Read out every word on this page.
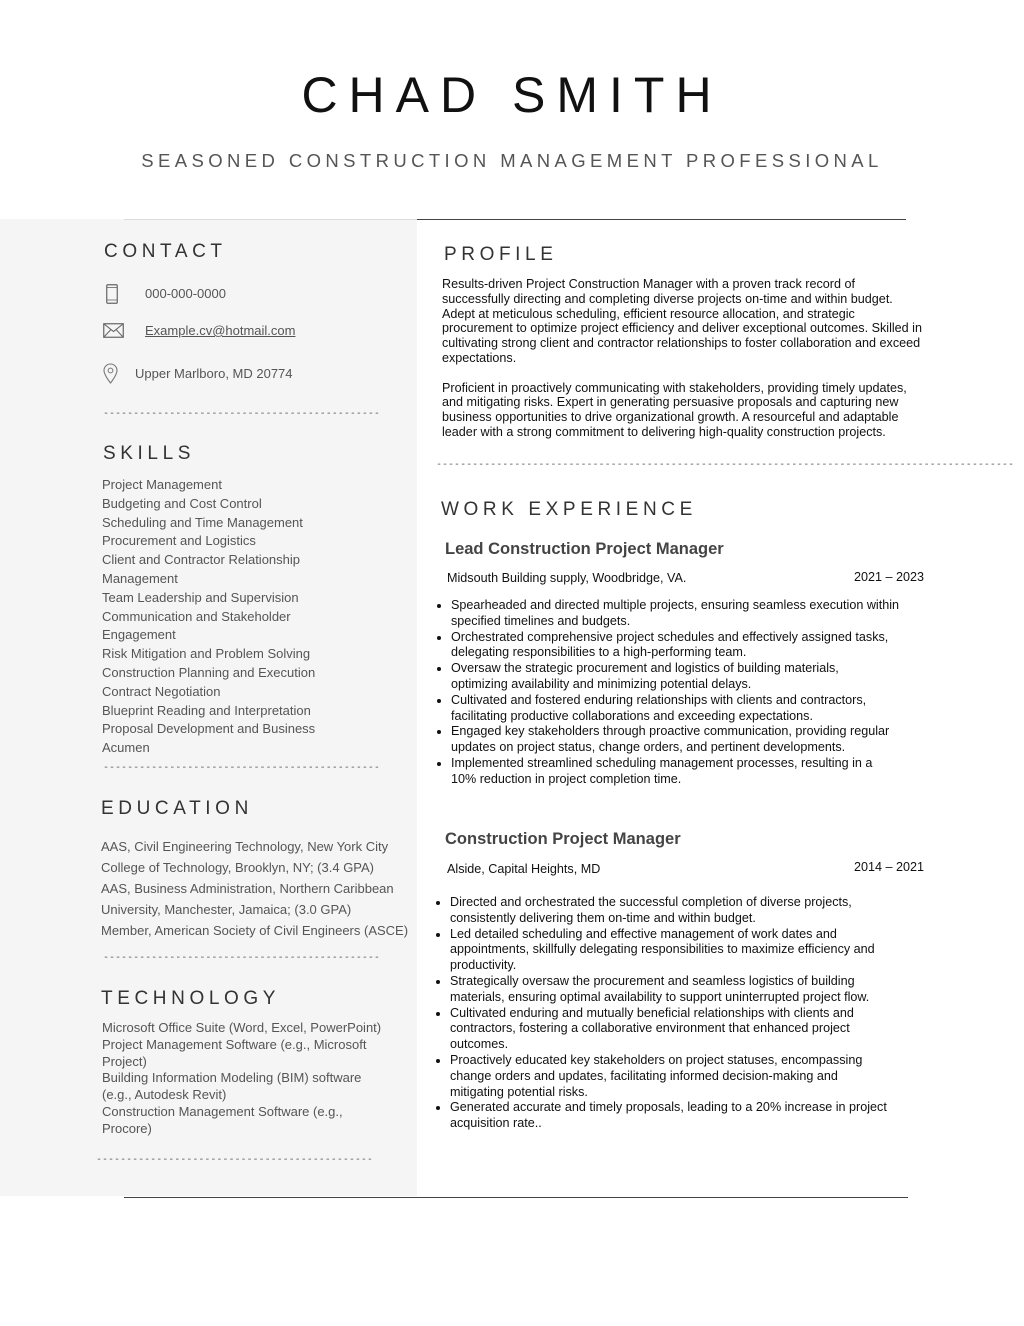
CHAD SMITH

SEASONED CONSTRUCTION MANAGEMENT PROFESSIONAL

CONTACT
000-000-0000
Example.cv@hotmail.com
Upper Marlboro, MD 20774
----------------------------------------------
SKILLS
Project Management
Budgeting and Cost Control
Scheduling and Time Management
Procurement and Logistics
Client and Contractor Relationship
Management
Team Leadership and Supervision
Communication and Stakeholder
Engagement
Risk Mitigation and Problem Solving
Construction Planning and Execution
Contract Negotiation
Blueprint Reading and Interpretation
Proposal Development and Business
Acumen
----------------------------------------------
EDUCATION

AAS, Civil Engineering Technology, New York City

College of Technology, Brooklyn, NY; (3.4 GPA)

AAS, Business Administration, Northern Caribbean

University, Manchester, Jamaica; (3.0 GPA)

Member, American Society of Civil Engineers (ASCE)

----------------------------------------------
TECHNOLOGY
Microsoft Office Suite (Word, Excel, PowerPoint)
Project Management Software (e.g., Microsoft
Project)
Building Information Modeling (BIM) software
(e.g., Autodesk Revit)
Construction Management Software (e.g.,
Procore)
----------------------------------------------
PROFILE

Results-driven Project Construction Manager with a proven track record of
successfully directing and completing diverse projects on-time and within budget.
Adept at meticulous scheduling, efficient resource allocation, and strategic
procurement to optimize project efficiency and deliver exceptional outcomes. Skilled in
cultivating strong client and contractor relationships to foster collaboration and exceed
expectations.

Proficient in proactively communicating with stakeholders, providing timely updates,
and mitigating risks. Expert in generating persuasive proposals and capturing new
business opportunities to drive organizational growth. A resourceful and adaptable
leader with a strong commitment to delivering high-quality construction projects.

------------------------------------------------------------------------------------------------
WORK EXPERIENCE
Lead Construction Project Manager
Midsouth Building supply, Woodbridge, VA.	2021 – 2023
• Spearheaded and directed multiple projects, ensuring seamless execution within
specified timelines and budgets.
• Orchestrated comprehensive project schedules and effectively assigned tasks,
delegating responsibilities to a high-performing team.
• Oversaw the strategic procurement and logistics of building materials,
optimizing availability and minimizing potential delays.
• Cultivated and fostered enduring relationships with clients and contractors,
facilitating productive collaborations and exceeding expectations.
• Engaged key stakeholders through proactive communication, providing regular
updates on project status, change orders, and pertinent developments.
• Implemented streamlined scheduling management processes, resulting in a
10% reduction in project completion time.
Construction Project Manager
Alside, Capital Heights, MD	2014 – 2021
• Directed and orchestrated the successful completion of diverse projects,
consistently delivering them on-time and within budget.
• Led detailed scheduling and effective management of work dates and
appointments, skillfully delegating responsibilities to maximize efficiency and
productivity.
• Strategically oversaw the procurement and seamless logistics of building
materials, ensuring optimal availability to support uninterrupted project flow.
• Cultivated enduring and mutually beneficial relationships with clients and
contractors, fostering a collaborative environment that enhanced project
outcomes.
• Proactively educated key stakeholders on project statuses, encompassing
change orders and updates, facilitating informed decision-making and
mitigating potential risks.
• Generated accurate and timely proposals, leading to a 20% increase in project
acquisition rate..
